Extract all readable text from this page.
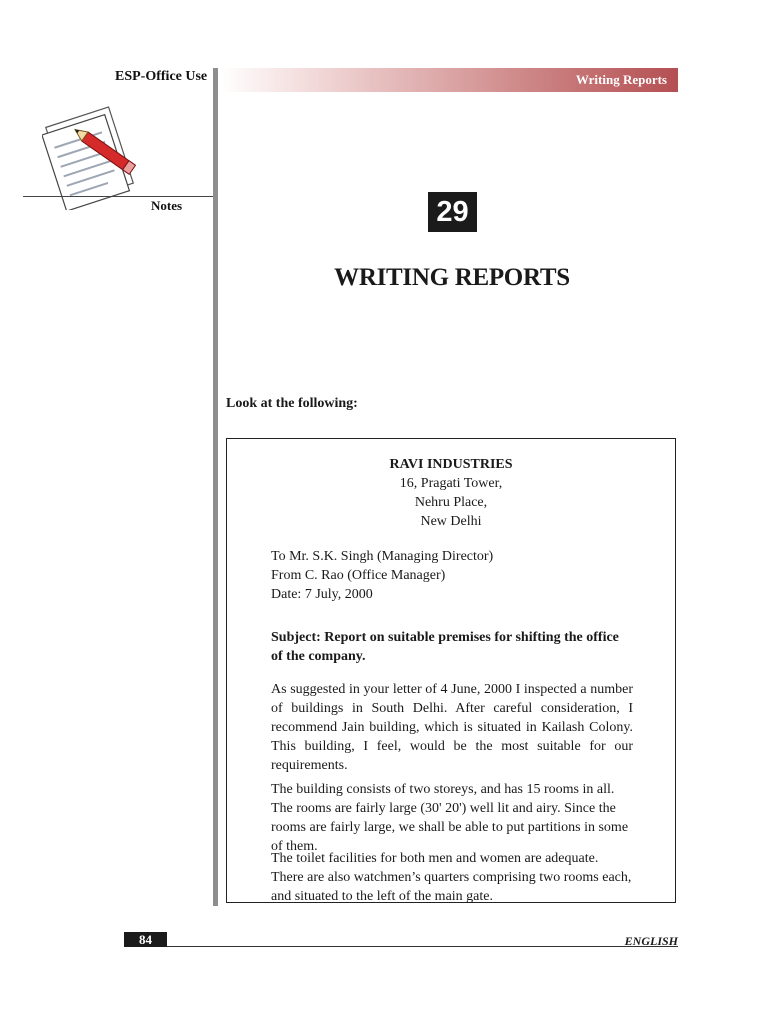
ESP-Office Use	Writing Reports
Notes	29
WRITING REPORTS
Look at the following:
RAVI INDUSTRIES
16, Pragati Tower,
Nehru Place,
New Delhi
To Mr. S.K. Singh (Managing Director)
From C. Rao (Office Manager)
Date: 7 July, 2000
Subject: Report on suitable premises for shifting the office of the company.
As suggested in your letter of 4 June, 2000 I inspected a number of buildings in South Delhi. After careful consideration, I recommend Jain building, which is situated in Kailash Colony. This building, I feel, would be the most suitable for our requirements.
The building consists of two storeys, and has 15 rooms in all. The rooms are fairly large (30' 20') well lit and airy. Since the rooms are fairly large, we shall be able to put partitions in some of them.
The toilet facilities for both men and women are adequate. There are also watchmen’s quarters comprising two rooms each, and situated to the left of the main gate.
84	ENGLISH
